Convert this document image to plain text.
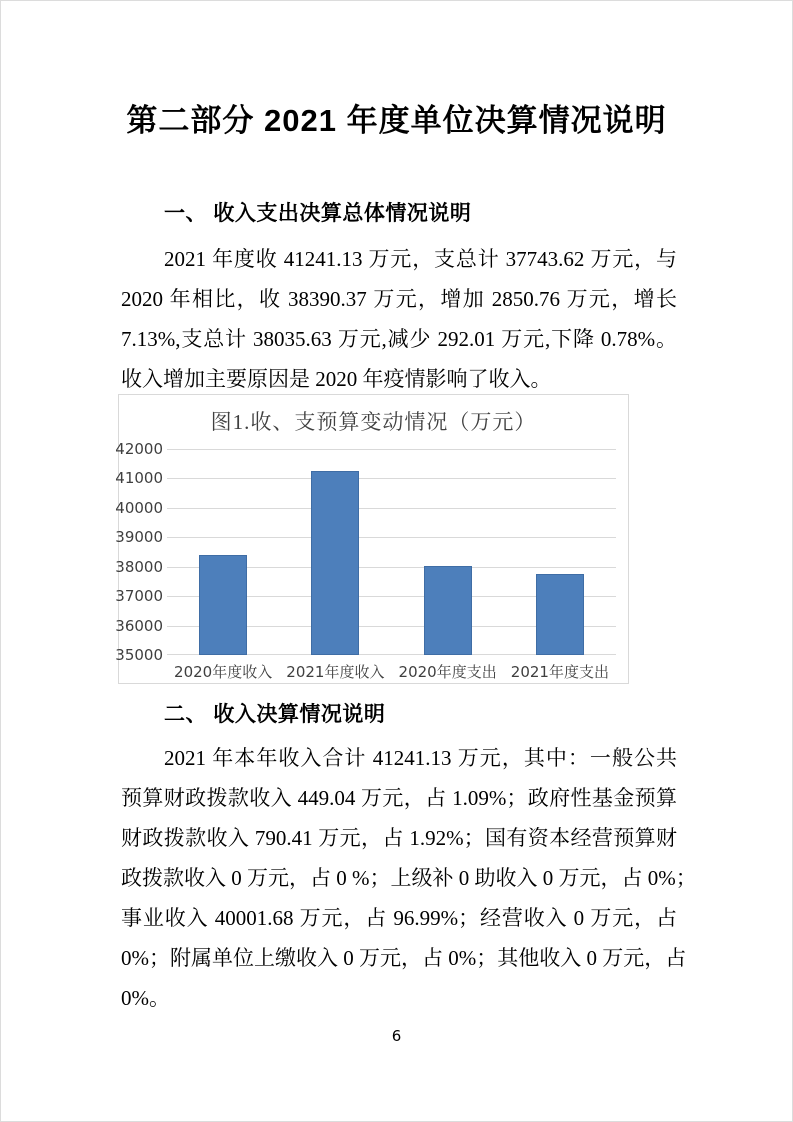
第二部分 2021 年度单位决算情况说明
一、 收入支出决算总体情况说明
2021 年度收 41241.13 万元，支总计 37743.62 万元，与
2020 年相比，收 38390.37 万元，增加 2850.76 万元，增长
7.13%,支总计 38035.63 万元,减少 292.01 万元,下降 0.78%。
收入增加主要原因是 2020 年疫情影响了收入。
图1.收、支预算变动情况（万元）
42000
41000
40000
39000
38000
37000
36000
35000
2020年度收入 2021年度收入 2020年度支出 2021年度支出
二、 收入决算情况说明
2021 年本年收入合计 41241.13 万元，其中：一般公共
预算财政拨款收入 449.04 万元，占 1.09%；政府性基金预算
财政拨款收入 790.41 万元，占 1.92%；国有资本经营预算财
政拨款收入 0 万元，占 0 %；上级补 0 助收入 0 万元，占 0%；
事业收入 40001.68 万元，占 96.99%；经营收入 0 万元，占
0%；附属单位上缴收入 0 万元，占 0%；其他收入 0 万元，占
0%。
6
